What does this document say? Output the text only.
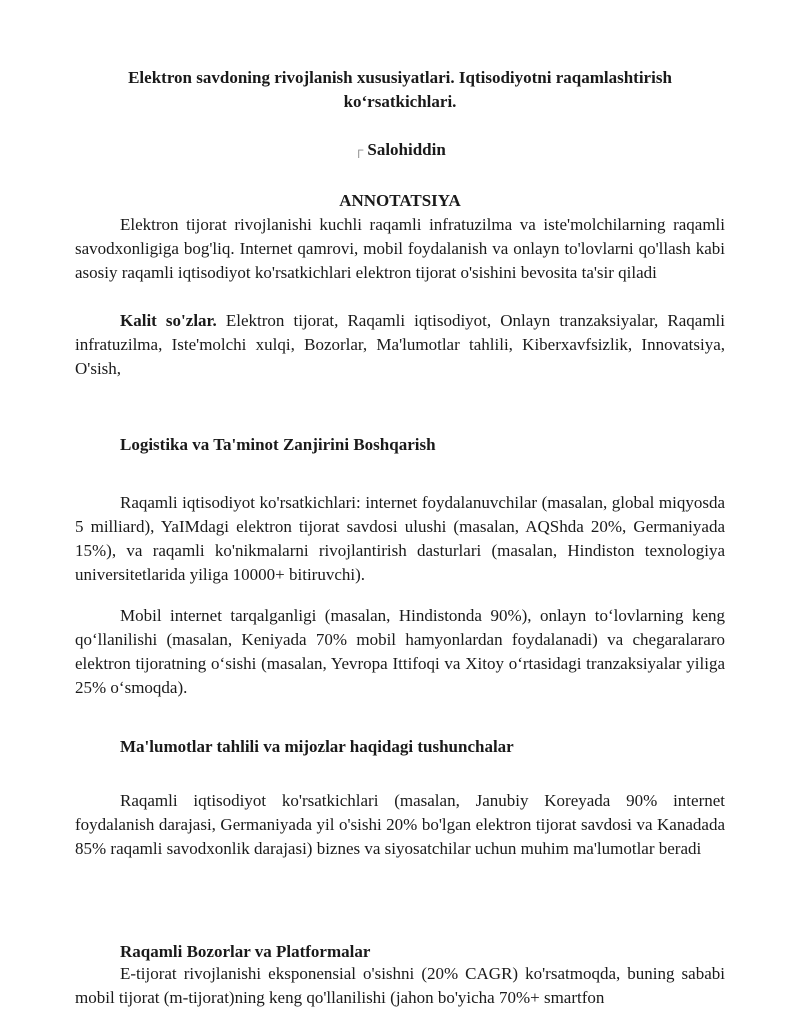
Elektron savdoning rivojlanish xususiyatlari. Iqtisodiyotni raqamlashtirish ko‘rsatkichlari.
┌ Salohiddin
ANNOTATSIYA
Elektron tijorat rivojlanishi kuchli raqamli infratuzilma va iste'molchilarning raqamli savodxonligiga bog'liq. Internet qamrovi, mobil foydalanish va onlayn to'lovlarni qo'llash kabi asosiy raqamli iqtisodiyot ko'rsatkichlari elektron tijorat o'sishini bevosita ta'sir qiladi
Kalit so'zlar. Elektron tijorat, Raqamli iqtisodiyot, Onlayn tranzaksiyalar, Raqamli infratuzilma, Iste'molchi xulqi, Bozorlar, Ma'lumotlar tahlili, Kiberxavfsizlik, Innovatsiya, O'sish,
Logistika va Ta'minot Zanjirini Boshqarish
Raqamli iqtisodiyot ko'rsatkichlari: internet foydalanuvchilar (masalan, global miqyosda 5 milliard), YaIMdagi elektron tijorat savdosi ulushi (masalan, AQShda 20%, Germaniyada 15%), va raqamli ko'nikmalarni rivojlantirish dasturlari (masalan, Hindiston texnologiya universitetlarida yiliga 10000+ bitiruvchi).
Mobil internet tarqalganligi (masalan, Hindistonda 90%), onlayn to‘lovlarning keng qo‘llanilishi (masalan, Keniyada 70% mobil hamyonlardan foydalanadi) va chegaralararo elektron tijoratning o‘sishi (masalan, Yevropa Ittifoqi va Xitoy o‘rtasidagi tranzaksiyalar yiliga 25% o‘smoqda).
Ma'lumotlar tahlili va mijozlar haqidagi tushunchalar
Raqamli iqtisodiyot ko'rsatkichlari (masalan, Janubiy Koreyada 90% internet foydalanish darajasi, Germaniyada yil o'sishi 20% bo'lgan elektron tijorat savdosi va Kanadada 85% raqamli savodxonlik darajasi) biznes va siyosatchilar uchun muhim ma'lumotlar beradi
Raqamli Bozorlar va Platformalar
E-tijorat rivojlanishi eksponensial o'sishni (20% CAGR) ko'rsatmoqda, buning sababi mobil tijorat (m-tijorat)ning keng qo'llanilishi (jahon bo'yicha 70%+ smartfon
